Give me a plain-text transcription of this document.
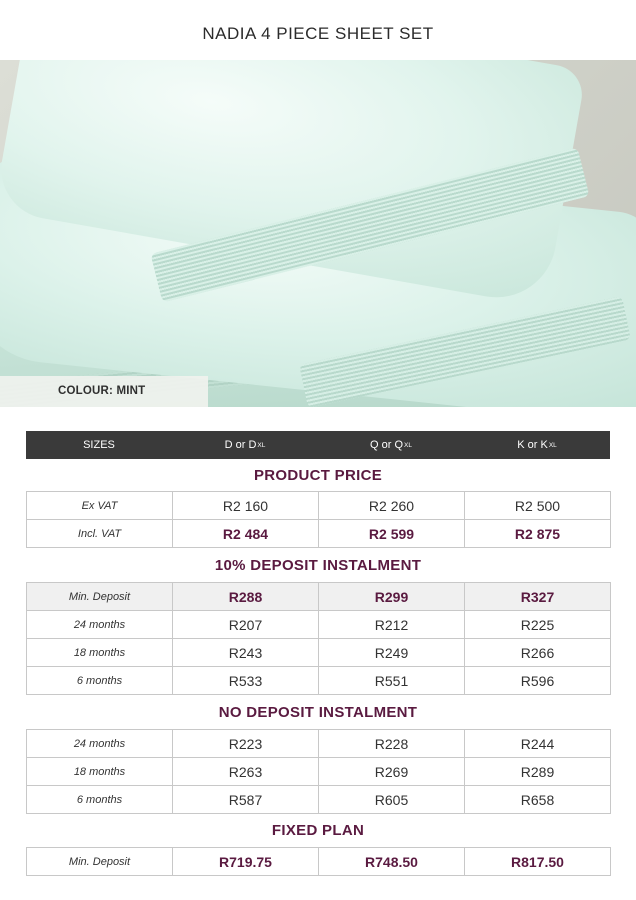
NADIA 4 PIECE SHEET SET
COLOUR: MINT
SIZES	D or D XL	Q or Q XL	K or K XL
PRODUCT PRICE
Ex VAT	R2 160	R2 260	R2 500
Incl. VAT	R2 484	R2 599	R2 875
10% DEPOSIT INSTALMENT
Min. Deposit	R288	R299	R327
24 months	R207	R212	R225
18 months	R243	R249	R266
6 months	R533	R551	R596
NO DEPOSIT INSTALMENT
24 months	R223	R228	R244
18 months	R263	R269	R289
6 months	R587	R605	R658
FIXED PLAN
Min. Deposit	R719.75	R748.50	R817.50
